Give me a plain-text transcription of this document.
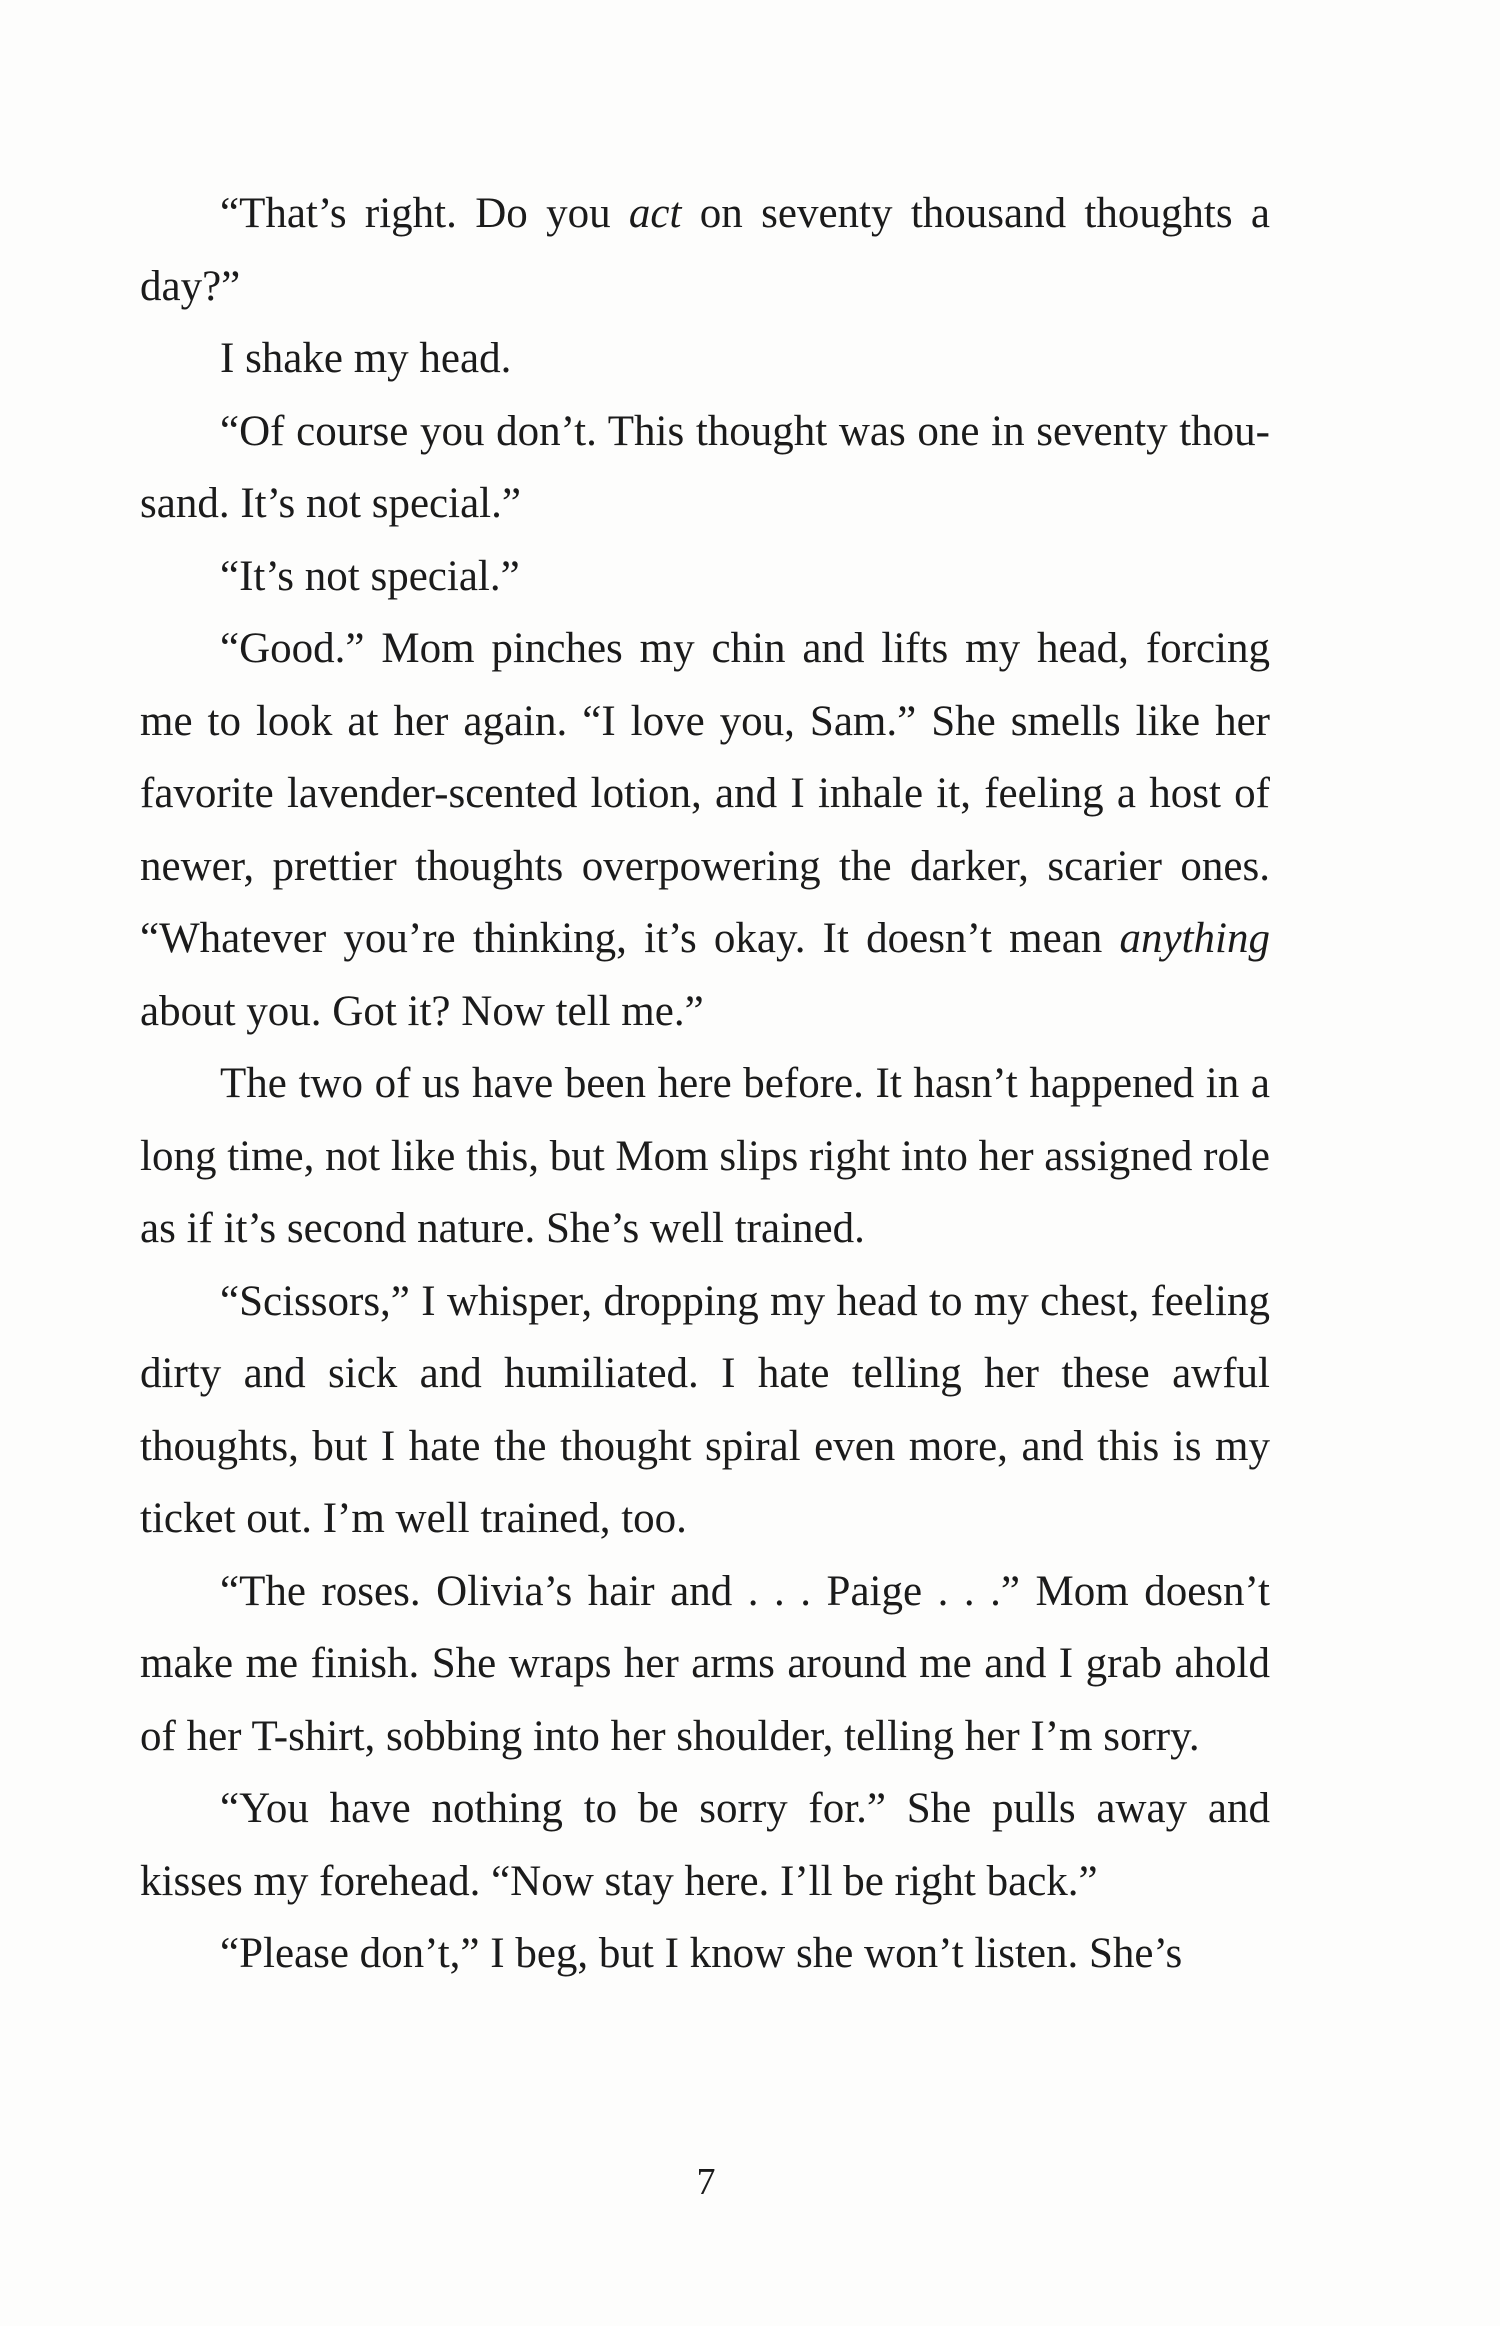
“That’s right. Do you act on seventy thousand thoughts a day?”

I shake my head.

“Of course you don’t. This thought was one in seventy thousand. It’s not special.”

“It’s not special.”

“Good.” Mom pinches my chin and lifts my head, forcing me to look at her again. “I love you, Sam.” She smells like her favorite lavender-scented lotion, and I inhale it, feeling a host of newer, prettier thoughts overpowering the darker, scarier ones. “Whatever you’re thinking, it’s okay. It doesn’t mean anything about you. Got it? Now tell me.”

The two of us have been here before. It hasn’t happened in a long time, not like this, but Mom slips right into her assigned role as if it’s second nature. She’s well trained.

“Scissors,” I whisper, dropping my head to my chest, feeling dirty and sick and humiliated. I hate telling her these awful thoughts, but I hate the thought spiral even more, and this is my ticket out. I’m well trained, too.

“The roses. Olivia’s hair and . . . Paige . . .” Mom doesn’t make me finish. She wraps her arms around me and I grab ahold of her T-shirt, sobbing into her shoulder, telling her I’m sorry.

“You have nothing to be sorry for.” She pulls away and kisses my forehead. “Now stay here. I’ll be right back.”

“Please don’t,” I beg, but I know she won’t listen. She’s

7
